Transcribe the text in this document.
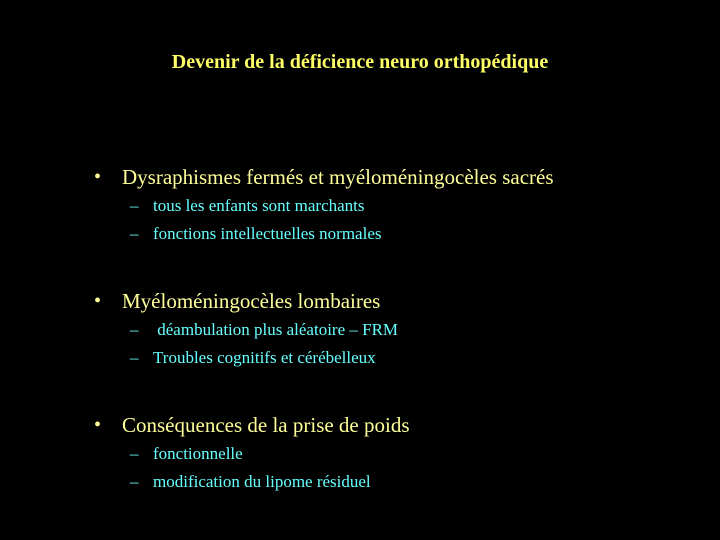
Devenir de la déficience neuro orthopédique
• Dysraphismes fermés et myéloméningocèles sacrés
– tous les enfants sont marchants
– fonctions intellectuelles normales
• Myéloméningocèles lombaires
– déambulation plus aléatoire – FRM
– Troubles cognitifs et cérébelleux
• Conséquences de la prise de poids
– fonctionnelle
– modification du lipome résiduel
